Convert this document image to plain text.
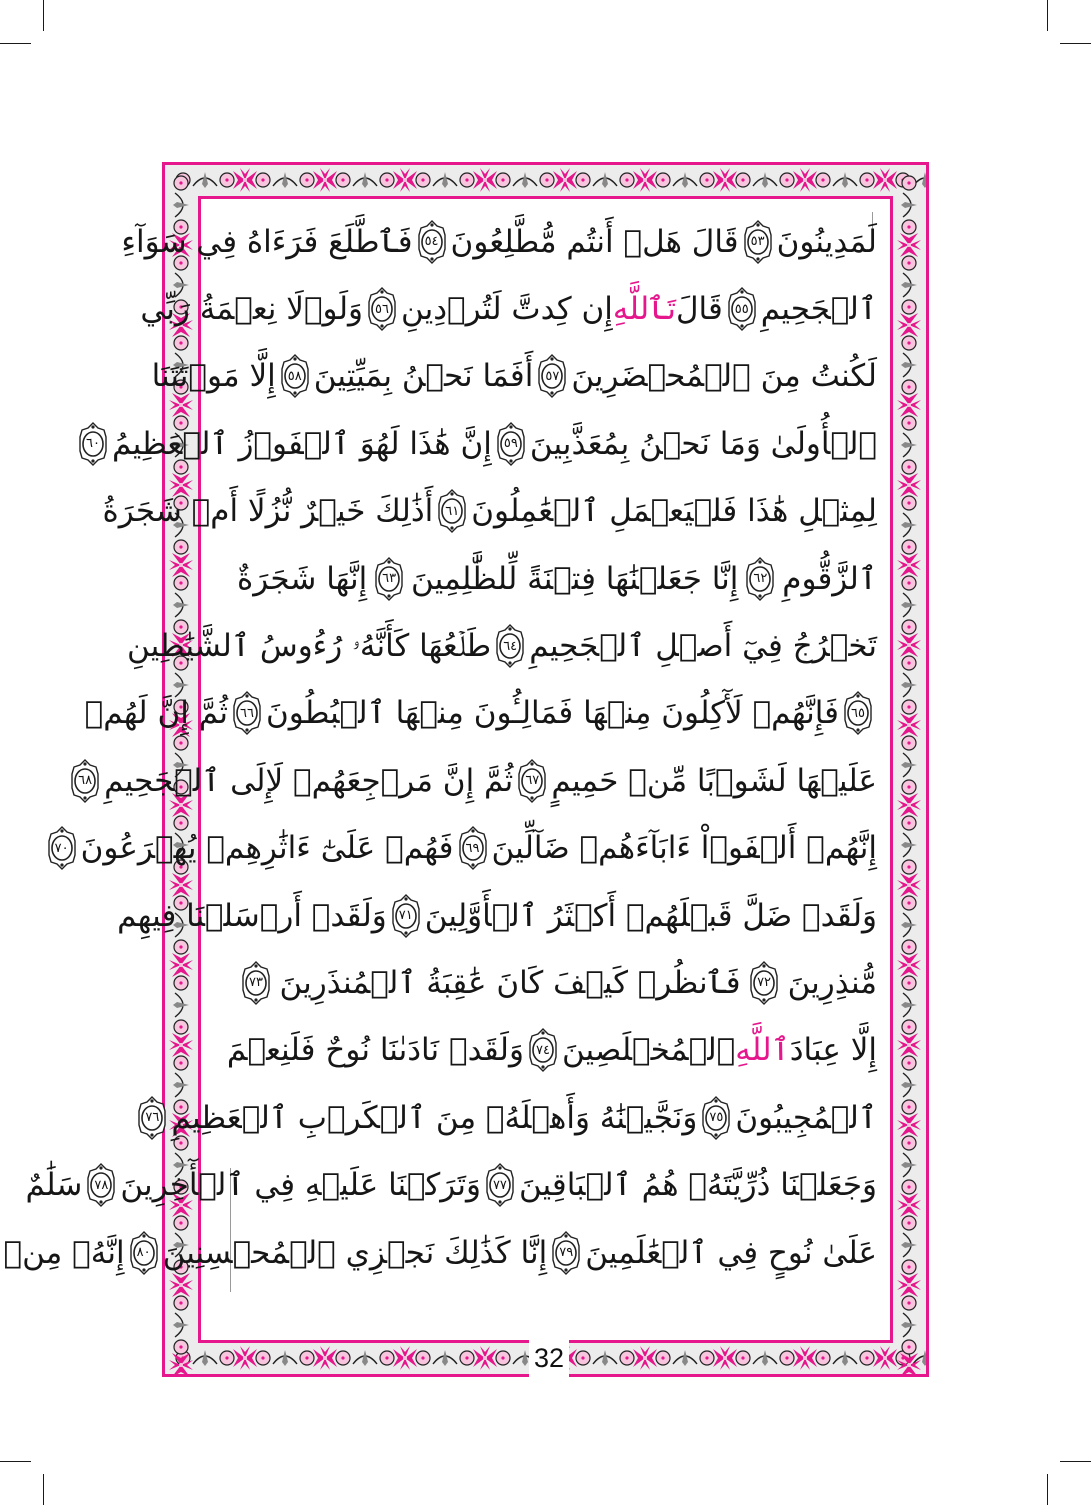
32
لَمَدِينُونَ
٥٣
قَالَ هَلۡ أَنتُم مُّطَّلِعُونَ
٥٤
فَٱطَّلَعَ فَرَءَاهُ فِي سَوَآءِ
ٱلۡجَحِيمِ
٥٥
قَالَ
تَٱللَّهِ
إِن كِدتَّ لَتُرۡدِينِ
٥٦
وَلَوۡلَا نِعۡمَةُ رَبِّي
لَكُنتُ مِنَ ٱلۡمُحۡضَرِينَ
٥٧
أَفَمَا نَحۡنُ بِمَيِّتِينَ
٥٨
إِلَّا مَوۡتَتَنَا
ٱلۡأُولَىٰ وَمَا نَحۡنُ بِمُعَذَّبِينَ
٥٩
إِنَّ هَٰذَا لَهُوَ ٱلۡفَوۡزُ ٱلۡعَظِيمُ
٦٠
لِمِثۡلِ هَٰذَا فَلۡيَعۡمَلِ ٱلۡعَٰمِلُونَ
٦١
أَذَٰلِكَ خَيۡرٌ نُّزُلًا أَمۡ شَجَرَةُ
ٱلزَّقُّومِ
٦٢
إِنَّا جَعَلۡنَٰهَا فِتۡنَةً لِّلظَّٰلِمِينَ
٦٣
إِنَّهَا شَجَرَةٌ
تَخۡرُجُ فِيٓ أَصۡلِ ٱلۡجَحِيمِ
٦٤
طَلۡعُهَا كَأَنَّهُۥ رُءُوسُ ٱلشَّيَٰطِينِ
٦٥
فَإِنَّهُمۡ لَأٓكِلُونَ مِنۡهَا فَمَالِـُٔونَ مِنۡهَا ٱلۡبُطُونَ
٦٦
ثُمَّ إِنَّ لَهُمۡ
عَلَيۡهَا لَشَوۡبًا مِّنۡ حَمِيمٍ
٦٧
ثُمَّ إِنَّ مَرۡجِعَهُمۡ لَإِلَى ٱلۡجَحِيمِ
٦٨
إِنَّهُمۡ أَلۡفَوۡاْ ءَابَآءَهُمۡ ضَآلِّينَ
٦٩
فَهُمۡ عَلَىٰٓ ءَاثَٰرِهِمۡ يُهۡرَعُونَ
٧٠
وَلَقَدۡ ضَلَّ قَبۡلَهُمۡ أَكۡثَرُ ٱلۡأَوَّلِينَ
٧١
وَلَقَدۡ أَرۡسَلۡنَا فِيهِم
مُّنذِرِينَ
٧٢
فَٱنظُرۡ كَيۡفَ كَانَ عَٰقِبَةُ ٱلۡمُنذَرِينَ
٧٣
إِلَّا عِبَادَ
ٱللَّهِ
ٱلۡمُخۡلَصِينَ
٧٤
وَلَقَدۡ نَادَىٰنَا نُوحٌ فَلَنِعۡمَ
ٱلۡمُجِيبُونَ
٧٥
وَنَجَّيۡنَٰهُ وَأَهۡلَهُۥ مِنَ ٱلۡكَرۡبِ ٱلۡعَظِيمِ
٧٦
وَجَعَلۡنَا ذُرِّيَّتَهُۥ هُمُ ٱلۡبَاقِينَ
٧٧
وَتَرَكۡنَا عَلَيۡهِ فِي ٱلۡأٓخِرِينَ
٧٨
سَلَٰمٌ
عَلَىٰ نُوحٍ فِي ٱلۡعَٰلَمِينَ
٧٩
إِنَّا كَذَٰلِكَ نَجۡزِي ٱلۡمُحۡسِنِينَ
٨٠
إِنَّهُۥ مِنۡ
